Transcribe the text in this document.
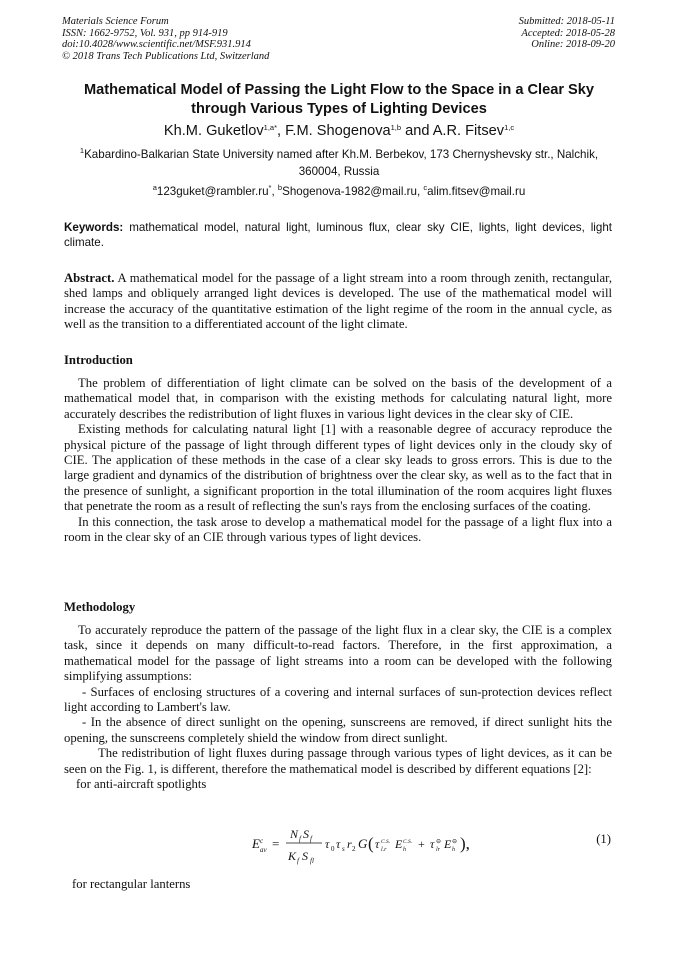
Materials Science Forum
ISSN: 1662-9752, Vol. 931, pp 914-919
doi:10.4028/www.scientific.net/MSF.931.914
© 2018 Trans Tech Publications Ltd, Switzerland
Submitted: 2018-05-11
Accepted: 2018-05-28
Online: 2018-09-20
Mathematical Model of Passing the Light Flow to the Space in a Clear Sky through Various Types of Lighting Devices
Kh.M. Guketlov$^{1,a*}$, F.M. Shogenova$^{1,b}$ and A.R. Fitsev$^{1,c}$
$^1$Kabardino-Balkarian State University named after Kh.M. Berbekov, 173 Chernyshevsky str., Nalchik, 360004, Russia
$^a$123guket@rambler.ru*, $^b$Shogenova-1982@mail.ru, $^c$alim.fitsev@mail.ru
Keywords: mathematical model, natural light, luminous flux, clear sky CIE, lights, light devices, light climate.
Abstract. A mathematical model for the passage of a light stream into a room through zenith, rectangular, shed lamps and obliquely arranged light devices is developed. The use of the mathematical model will increase the accuracy of the quantitative estimation of the light regime of the room in the annual cycle, as well as the transition to a differentiated account of the light climate.
Introduction

The problem of differentiation of light climate can be solved on the basis of the development of a mathematical model that, in comparison with the existing methods for calculating natural light, more accurately describes the redistribution of light fluxes in various light devices in the clear sky of CIE.

Existing methods for calculating natural light [1] with a reasonable degree of accuracy reproduce the physical picture of the passage of light through different types of light devices only in the cloudy sky of CIE. The application of these methods in the case of a clear sky leads to gross errors. This is due to the large gradient and dynamics of the distribution of brightness over the clear sky, as well as to the fact that in the presence of sunlight, a significant proportion in the total illumination of the room acquires light fluxes that penetrate the room as a result of reflecting the sun's rays from the enclosing surfaces of the coating.

In this connection, the task arose to develop a mathematical model for the passage of a light flux into a room in the clear sky of an CIE through various types of light devices.

Methodology

To accurately reproduce the pattern of the passage of the light flux in a clear sky, the CIE is a complex task, since it depends on many difficult-to-read factors. Therefore, in the first approximation, a mathematical model for the passage of light streams into a room can be developed with the following simplifying assumptions:

- Surfaces of enclosing structures of a covering and internal surfaces of sun-protection devices reflect light according to Lambert's law.

- In the absence of direct sunlight on the opening, sunscreens are removed, if direct sunlight hits the opening, the sunscreens completely shield the window from direct sunlight.

The redistribution of light fluxes during passage through various types of light devices, as it can be seen on the Fig. 1, is different, therefore the mathematical model is described by different equations [2]:

for anti-aircraft spotlights

E c
av =
N f S f
K f S fl
τ 0 τ s r 2 G ( τ C.S.
l.r E C.S.
h + τ ⊖
lr E ⊖
h ),	(1)
for rectangular lanterns
